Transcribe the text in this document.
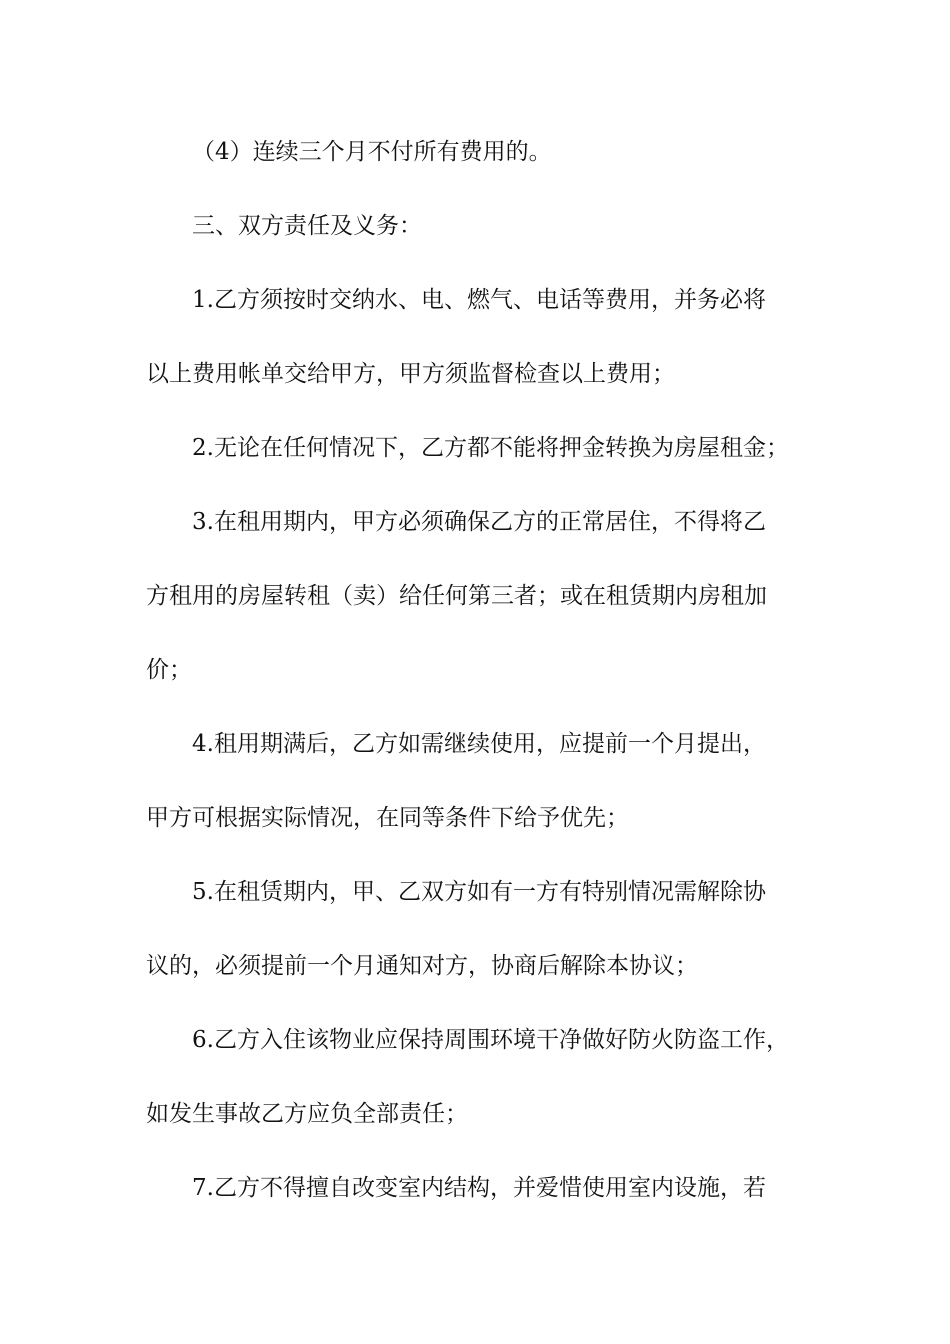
（4）连续三个月不付所有费用的。
三、双方责任及义务：
1.乙方须按时交纳水、电、燃气、电话等费用，并务必将
以上费用帐单交给甲方，甲方须监督检查以上费用；
2.无论在任何情况下，乙方都不能将押金转换为房屋租金；
3.在租用期内，甲方必须确保乙方的正常居住，不得将乙
方租用的房屋转租（卖）给任何第三者；或在租赁期内房租加
价；
4.租用期满后，乙方如需继续使用，应提前一个月提出，
甲方可根据实际情况，在同等条件下给予优先；
5.在租赁期内，甲、乙双方如有一方有特别情况需解除协
议的，必须提前一个月通知对方，协商后解除本协议；
6.乙方入住该物业应保持周围环境干净做好防火防盗工作，
如发生事故乙方应负全部责任；
7.乙方不得擅自改变室内结构，并爱惜使用室内设施，若
